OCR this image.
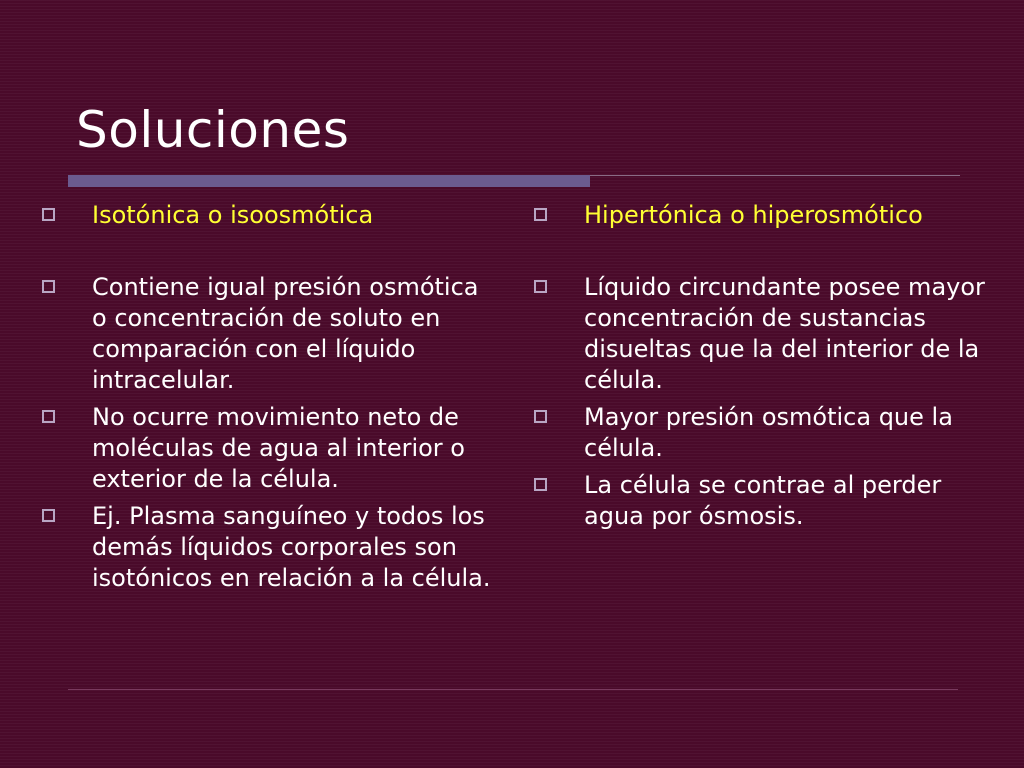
Soluciones
Isotónica o isoosmótica
Contiene igual presión osmótica o concentración de soluto en comparación con el líquido intracelular.
No ocurre movimiento neto de moléculas de agua al interior o exterior de la célula.
Ej. Plasma sanguíneo y todos los demás líquidos corporales son isotónicos en relación a la célula.
Hipertónica o hiperosmótico
Líquido circundante posee mayor concentración de sustancias disueltas que la del interior de la célula.
Mayor presión osmótica que la célula.
La célula se contrae al perder agua por ósmosis.
